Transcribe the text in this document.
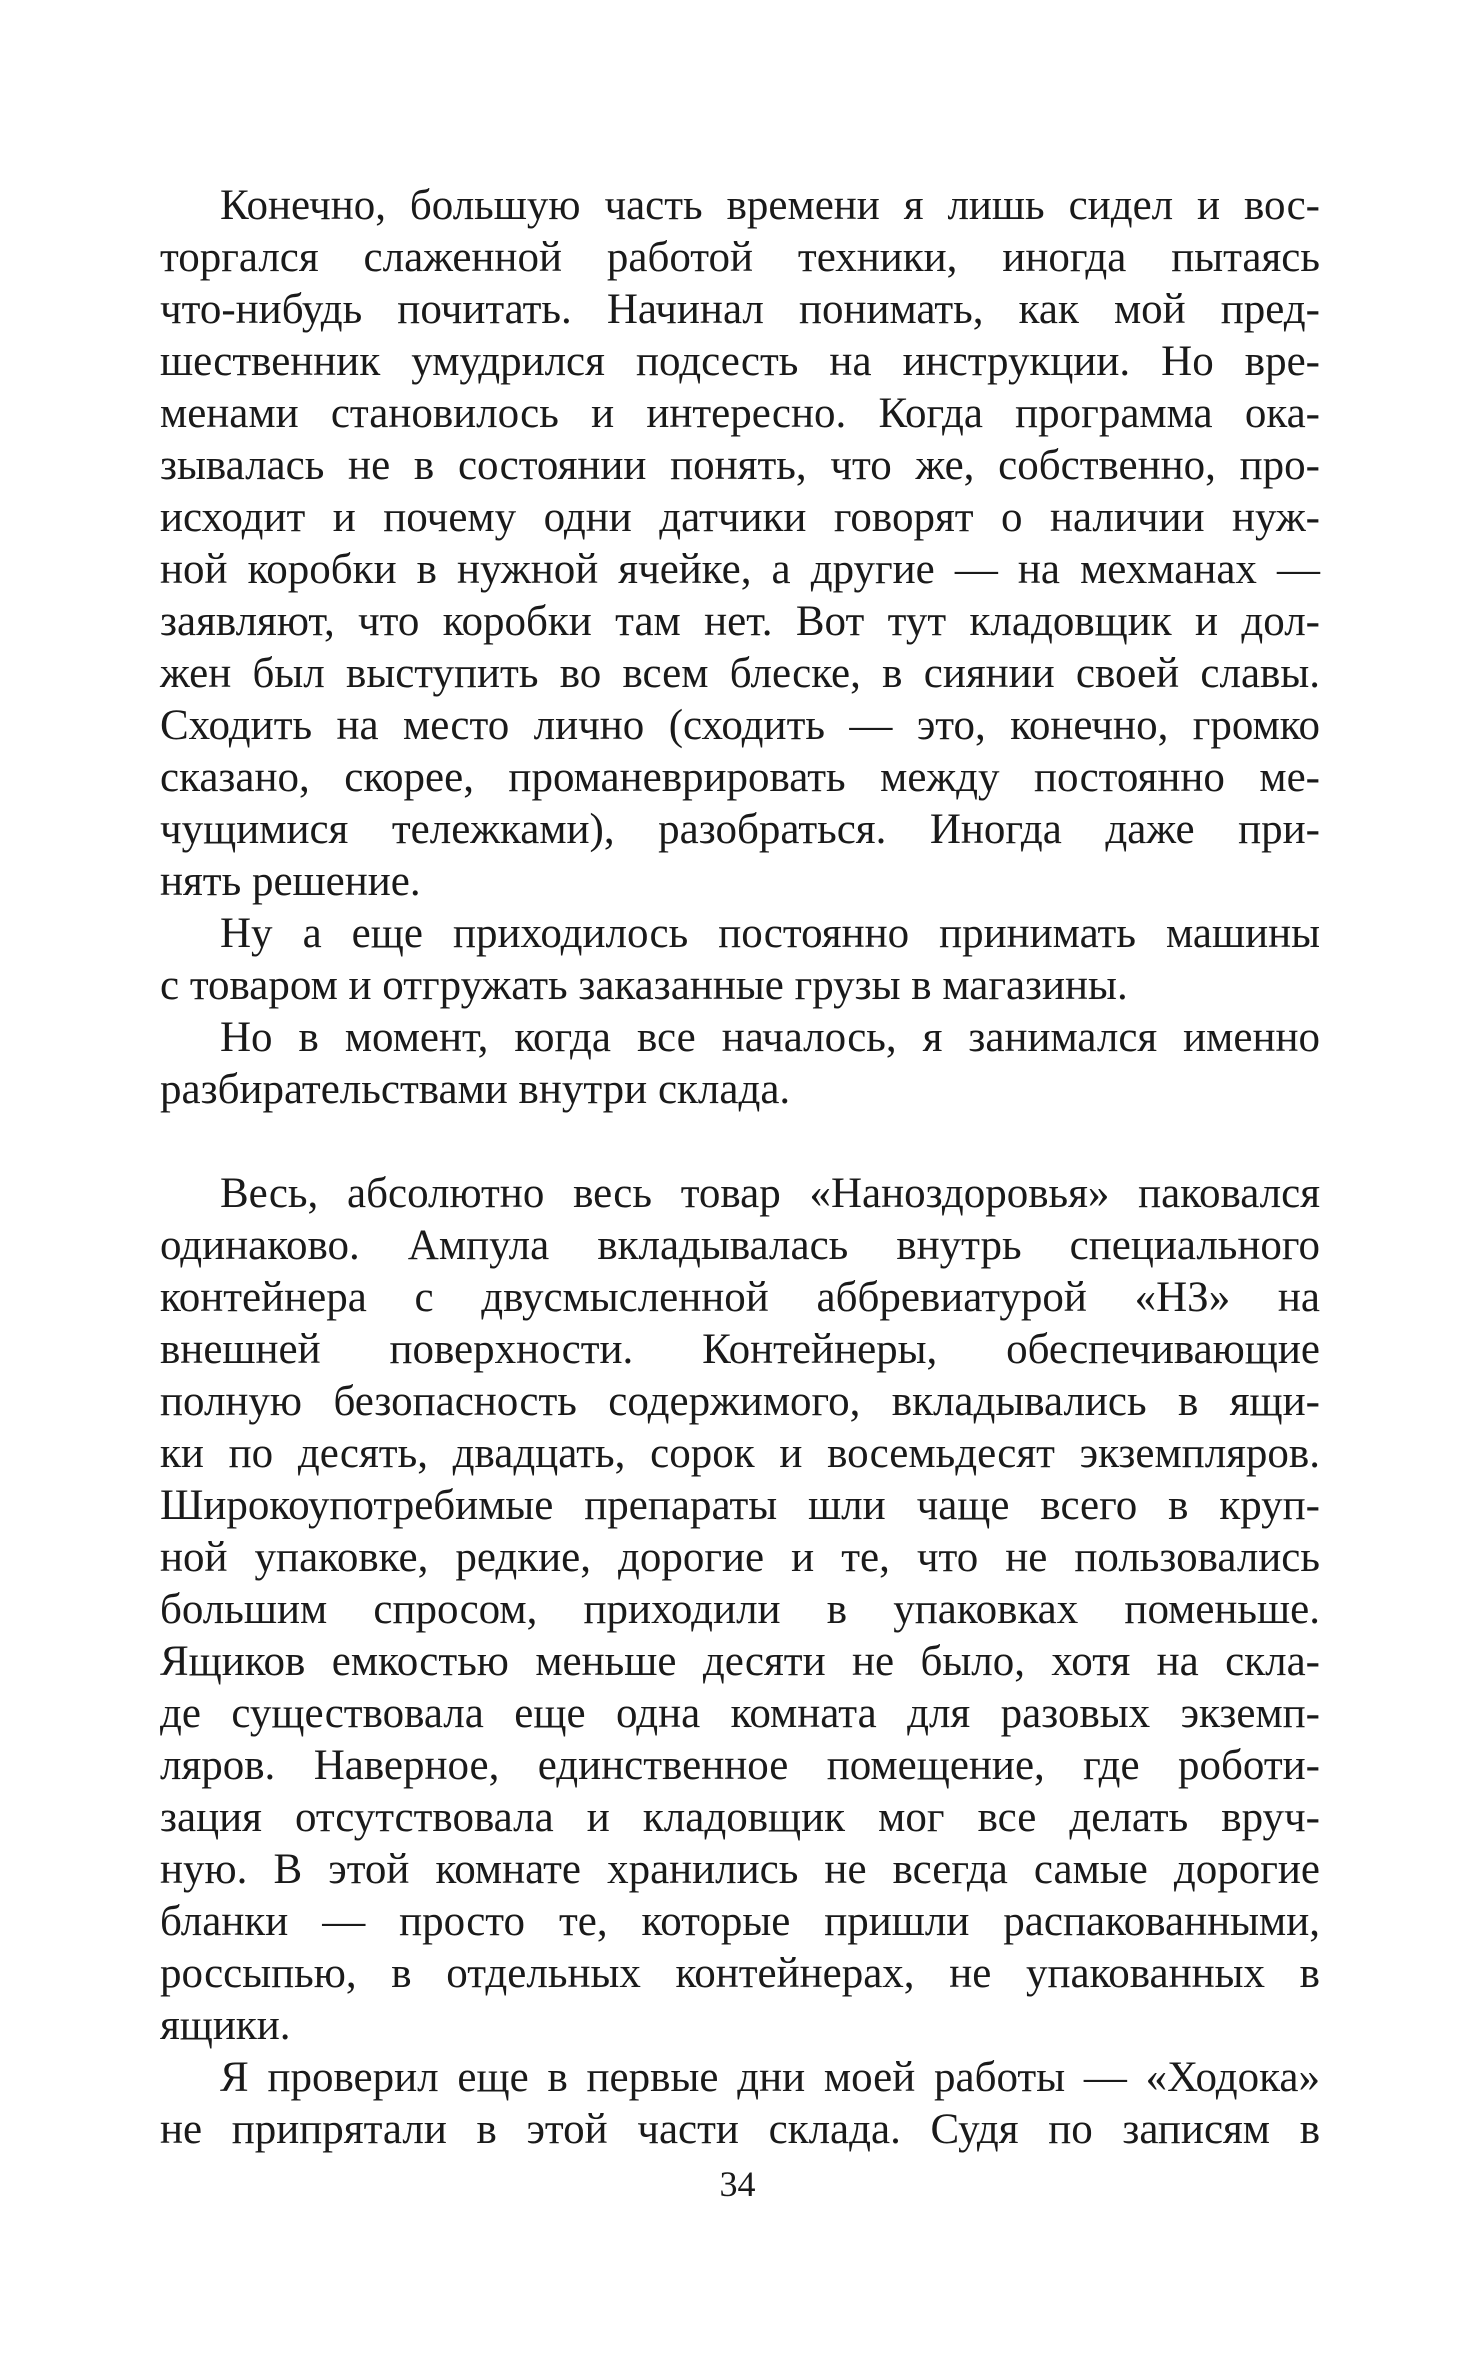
Конечно, большую часть времени я лишь сидел и вос-
торгался слаженной работой техники, иногда пытаясь
что-нибудь почитать. Начинал понимать, как мой пред-
шественник умудрился подсесть на инструкции. Но вре-
менами становилось и интересно. Когда программа ока-
зывалась не в состоянии понять, что же, собственно, про-
исходит и почему одни датчики говорят о наличии нуж-
ной коробки в нужной ячейке, а другие — на мехманах —
заявляют, что коробки там нет. Вот тут кладовщик и дол-
жен был выступить во всем блеске, в сиянии своей славы.
Сходить на место лично (сходить — это, конечно, громко
сказано, скорее, проманеврировать между постоянно ме-
чущимися тележками), разобраться. Иногда даже при-
нять решение.
Ну а еще приходилось постоянно принимать машины
с товаром и отгружать заказанные грузы в магазины.
Но в момент, когда все началось, я занимался именно
разбирательствами внутри склада.
Весь, абсолютно весь товар «Наноздоровья» паковался
одинаково. Ампула вкладывалась внутрь специального
контейнера с двусмысленной аббревиатурой «НЗ» на
внешней поверхности. Контейнеры, обеспечивающие
полную безопасность содержимого, вкладывались в ящи-
ки по десять, двадцать, сорок и восемьдесят экземпляров.
Широкоупотребимые препараты шли чаще всего в круп-
ной упаковке, редкие, дорогие и те, что не пользовались
большим спросом, приходили в упаковках поменьше.
Ящиков емкостью меньше десяти не было, хотя на скла-
де существовала еще одна комната для разовых экземп-
ляров. Наверное, единственное помещение, где роботи-
зация отсутствовала и кладовщик мог все делать вруч-
ную. В этой комнате хранились не всегда самые дорогие
бланки — просто те, которые пришли распакованными,
россыпью, в отдельных контейнерах, не упакованных в
ящики.
Я проверил еще в первые дни моей работы — «Ходока»
не припрятали в этой части склада. Судя по записям в
34
